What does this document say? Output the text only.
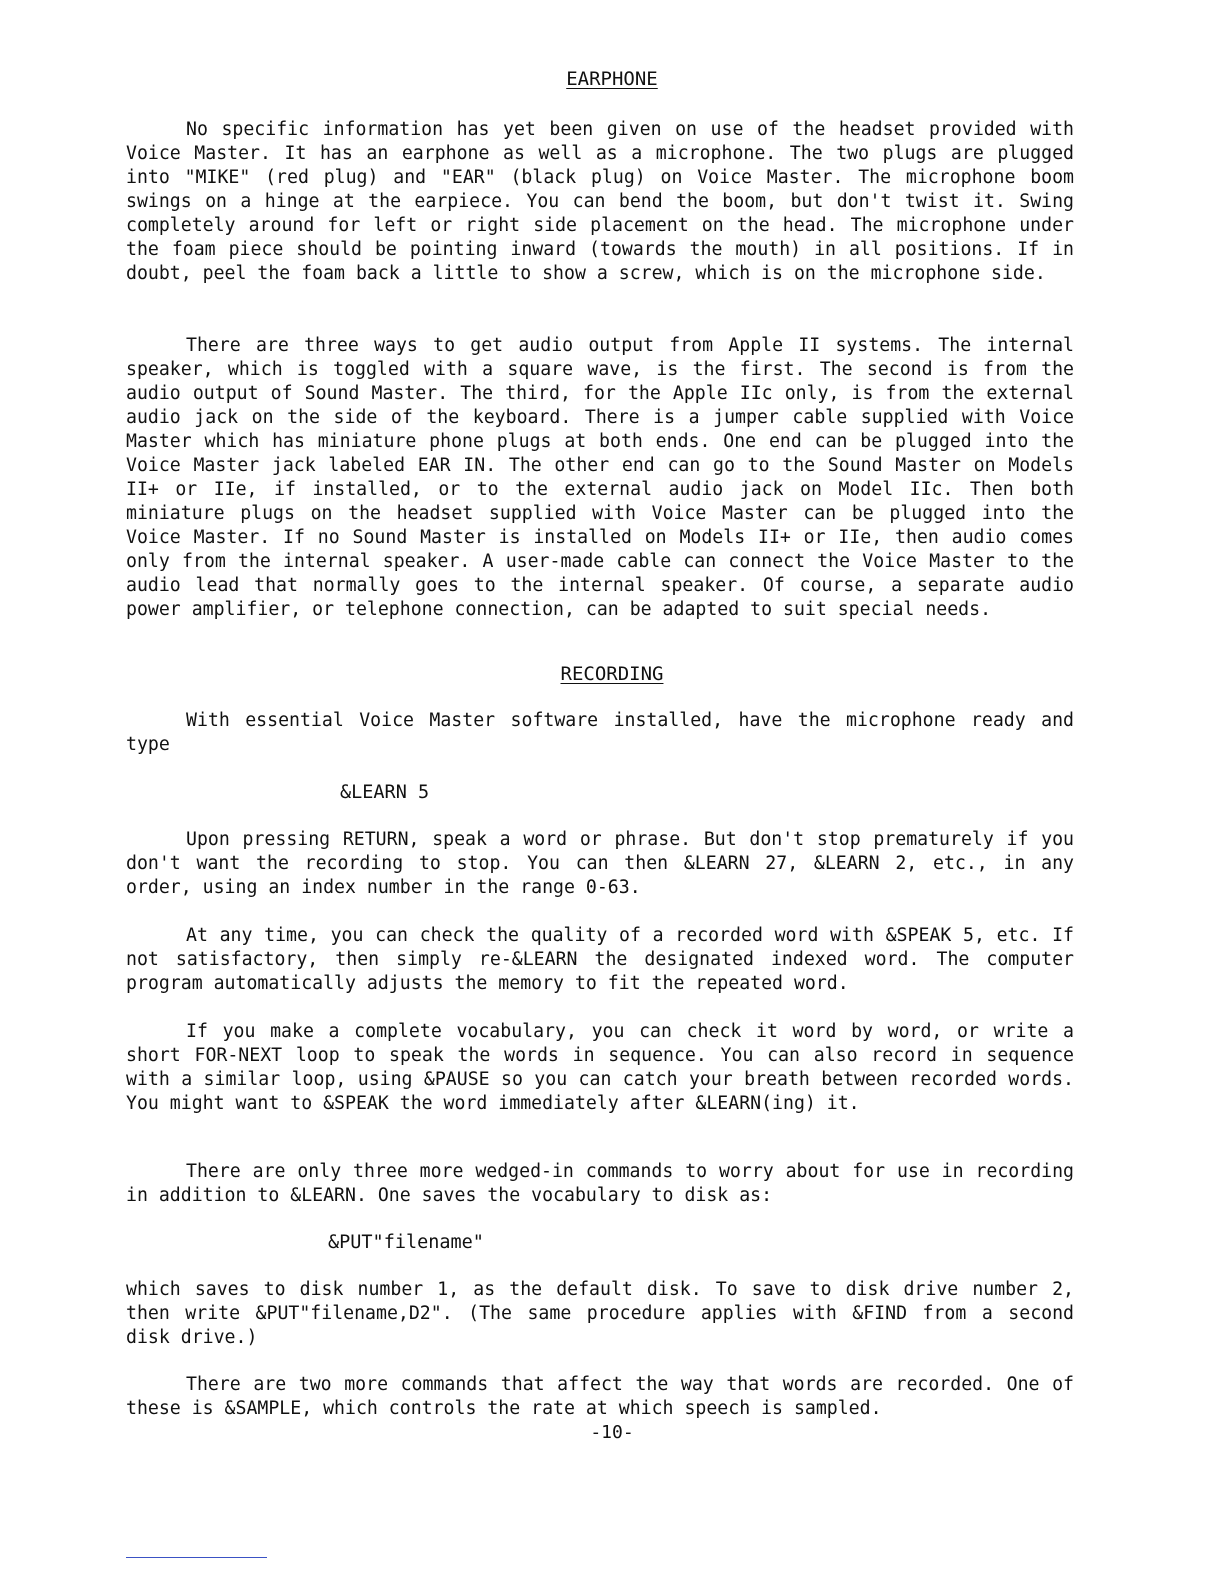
EARPHONE

No specific information has yet been given on use of the headset provided with Voice Master. It has an earphone as well as a microphone. The two plugs are plugged into "MIKE" (red plug) and "EAR" (black plug) on Voice Master. The microphone boom swings on a hinge at the earpiece. You can bend the boom, but don't twist it. Swing completely around for left or right side placement on the head. The microphone under the foam piece should be pointing inward (towards the mouth) in all positions. If in doubt, peel the foam back a little to show a screw, which is on the microphone side.

There are three ways to get audio output from Apple II systems. The internal speaker, which is toggled with a square wave, is the first. The second is from the audio output of Sound Master. The third, for the Apple IIc only, is from the external audio jack on the side of the keyboard. There is a jumper cable supplied with Voice Master which has miniature phone plugs at both ends. One end can be plugged into the Voice Master jack labeled EAR IN. The other end can go to the Sound Master on Models II+ or IIe, if installed, or to the external audio jack on Model IIc. Then both miniature plugs on the headset supplied with Voice Master can be plugged into the Voice Master. If no Sound Master is installed on Models II+ or IIe, then audio comes only from the internal speaker. A user-made cable can connect the Voice Master to the audio lead that normally goes to the internal speaker. Of course, a separate audio power amplifier, or telephone connection, can be adapted to suit special needs.

RECORDING

With essential Voice Master software installed, have the microphone ready and type

&LEARN 5

Upon pressing RETURN, speak a word or phrase. But don't stop prematurely if you don't want the recording to stop. You can then &LEARN 27, &LEARN 2, etc., in any order, using an index number in the range 0-63.

At any time, you can check the quality of a recorded word with &SPEAK 5, etc. If not satisfactory, then simply re-&LEARN the designated indexed word. The computer program automatically adjusts the memory to fit the repeated word.

If you make a complete vocabulary, you can check it word by word, or write a short FOR-NEXT loop to speak the words in sequence. You can also record in sequence with a similar loop, using &PAUSE so you can catch your breath between recorded words. You might want to &SPEAK the word immediately after &LEARN(ing) it.

There are only three more wedged-in commands to worry about for use in recording in addition to &LEARN. One saves the vocabulary to disk as:

&PUT"filename"

which saves to disk number 1, as the default disk. To save to disk drive number 2, then write &PUT"filename,D2". (The same procedure applies with &FIND from a second disk drive.)

There are two more commands that affect the way that words are recorded. One of these is &SAMPLE, which controls the rate at which speech is sampled.

-10-
